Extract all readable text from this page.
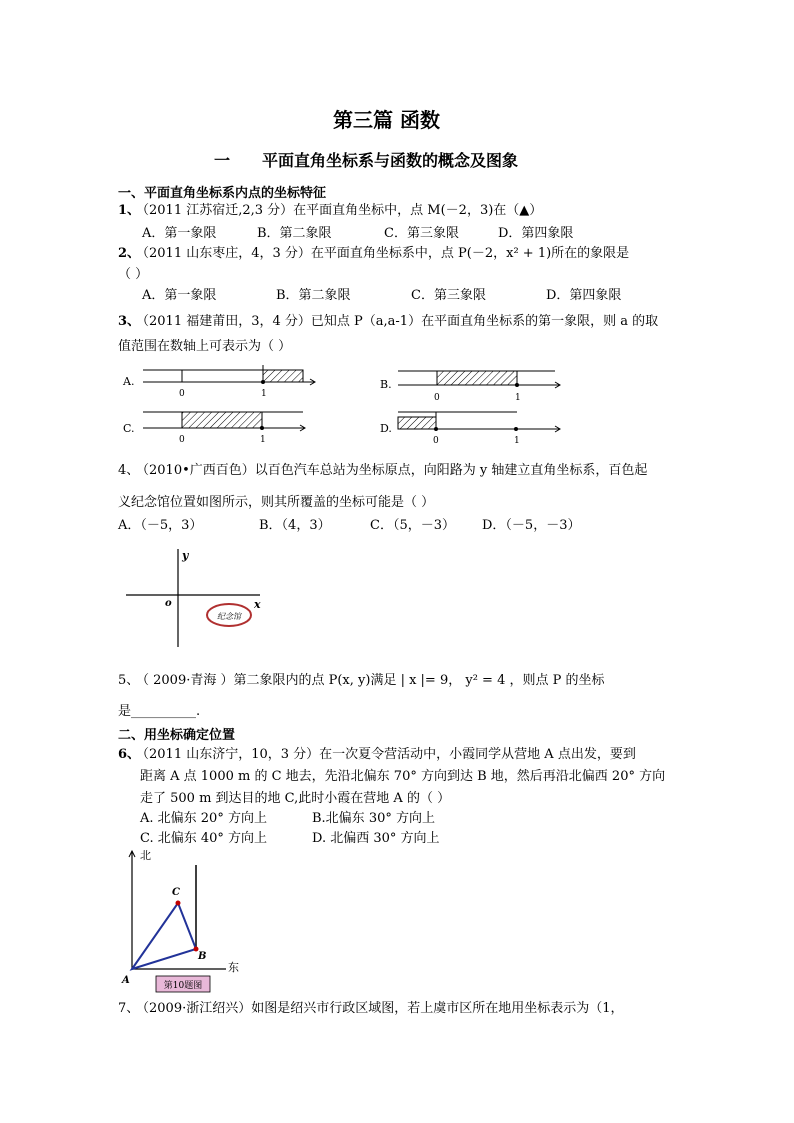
第三篇 函数
一 平面直角坐标系与函数的概念及图象
一、平面直角坐标系内点的坐标特征
1、
（2011 江苏宿迁,2,3 分）在平面直角坐标中，点 M(－2，3)在（▲）
A．第一象限	B．第二象限	C．第三象限	D．第四象限
2、
（2011 山东枣庄，4，3 分）在平面直角坐标系中，点 P(－2，x² + 1)所在的象限是
（ ）
A．第一象限	B．第二象限	C．第三象限	D．第四象限
3、
（2011 福建莆田，3，4 分）已知点 P（a,a-1）在平面直角坐标系的第一象限，则 a 的取
值范围在数轴上可表示为（ ）
A.
0	1
B.
0	1
C.
0	1
D.
0	1
4、
（2010•广西百色）以百色汽车总站为坐标原点，向阳路为 y 轴建立直角坐标系，百色起
义纪念馆位置如图所示，则其所覆盖的坐标可能是（ ）
A．（－5，3）	B．（4，3）	C．（5，－3） D．（－5，－3）
y
x
o
纪念馆
5、
（ 2009·青海 ）第二象限内的点 P(x, y)满足 | x |= 9， y² = 4 ，则点 P 的坐标
是__________.
二、用坐标确定位置
6、
（2011 山东济宁，10，3 分）在一次夏令营活动中，小霞同学从营地 A 点出发，要到
距离 A 点 1000 m 的 C 地去，先沿北偏东 70° 方向到达 B 地，然后再沿北偏西 20° 方向
走了 500 m 到达目的地 C,此时小霞在营地 A 的（ ）
A. 北偏东 20° 方向上	B.北偏东 30° 方向上
C. 北偏东 40° 方向上	D. 北偏西 30° 方向上
北
东
A
B
C
第10题图
7、
（2009·浙江绍兴）如图是绍兴市行政区域图，若上虞市区所在地用坐标表示为（1，
